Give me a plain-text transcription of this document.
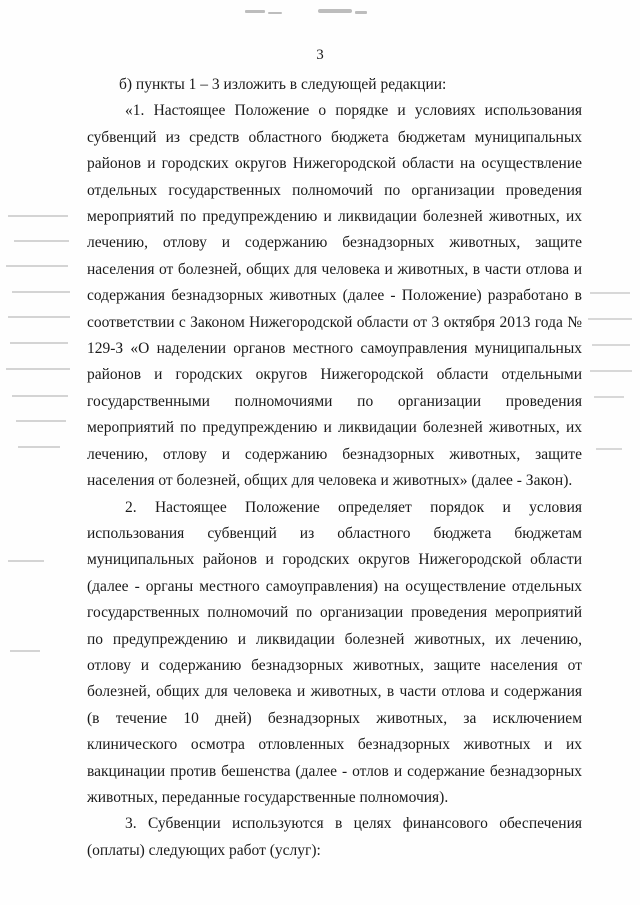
3

б) пункты 1 – 3 изложить в следующей редакции:

«1. Настоящее Положение о порядке и условиях использования субвенций из средств областного бюджета бюджетам муниципальных районов и городских округов Нижегородской области на осуществление отдельных государственных полномочий по организации проведения мероприятий по предупреждению и ликвидации болезней животных, их лечению, отлову и содержанию безнадзорных животных, защите населения от болезней, общих для человека и животных, в части отлова и содержания безнадзорных животных (далее - Положение) разработано в соответствии с Законом Нижегородской области от 3 октября 2013 года № 129-З «О наделении органов местного самоуправления муниципальных районов и городских округов Нижегородской области отдельными государственными полномочиями по организации проведения мероприятий по предупреждению и ликвидации болезней животных, их лечению, отлову и содержанию безнадзорных животных, защите населения от болезней, общих для человека и животных» (далее - Закон).

2. Настоящее Положение определяет порядок и условия использования субвенций из областного бюджета бюджетам муниципальных районов и городских округов Нижегородской области (далее - органы местного самоуправления) на осуществление отдельных государственных полномочий по организации проведения мероприятий по предупреждению и ликвидации болезней животных, их лечению, отлову и содержанию безнадзорных животных, защите населения от болезней, общих для человека и животных, в части отлова и содержания (в течение 10 дней) безнадзорных животных, за исключением клинического осмотра отловленных безнадзорных животных и их вакцинации против бешенства (далее - отлов и содержание безнадзорных животных, переданные государственные полномочия).

3. Субвенции используются в целях финансового обеспечения (оплаты) следующих работ (услуг):
